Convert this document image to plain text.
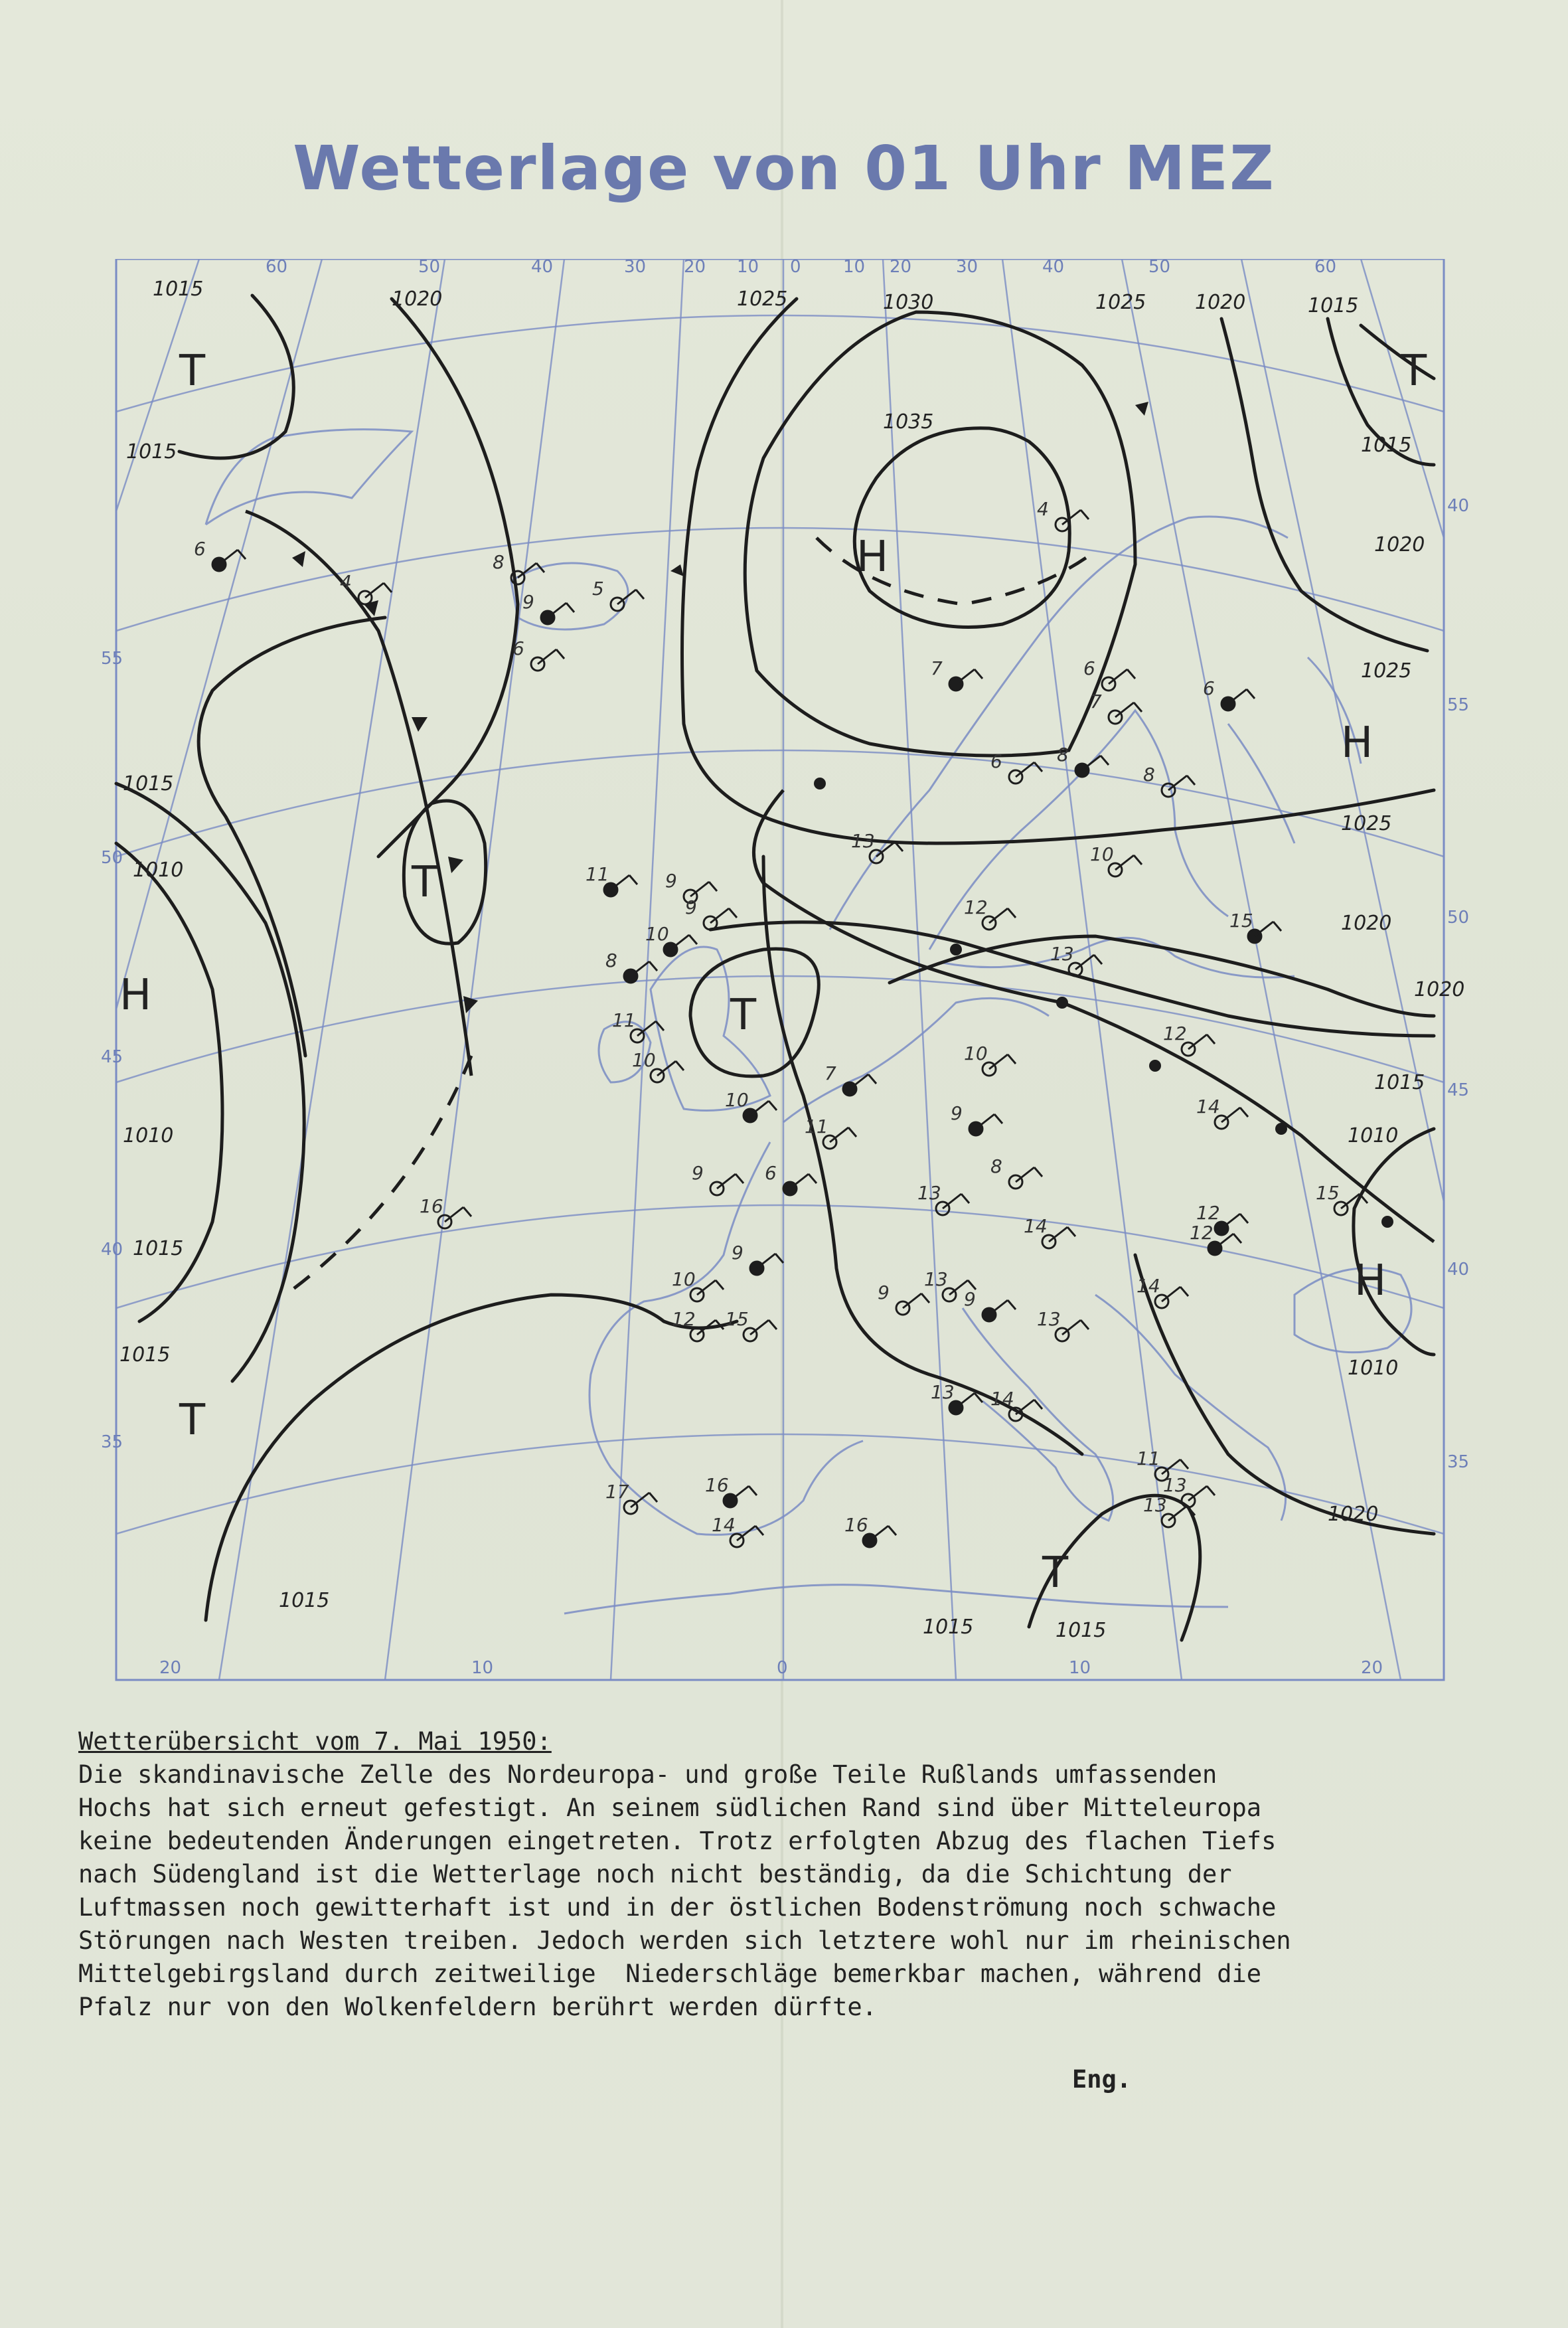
Wetterlage von 01 Uhr MEZ
6
4
8
9
6
5
7
4
6
8
6
7
6
8
10
11	9
9
10
13
12
15
13
12
8
11
10
7
14
10
10
11
15
9
8
9	6
16
12
9
13
14
12
10
9	9
13
13
13 14
14
12
11
13
16
17
15
16
14
13
1015	1020	1025	1030	1025 1020	1015
1015
1035
1015
1020
1025
1025
1015
1010
1010
1015
1020
1020
1010
1015
1015
1020
1015
1010
1015
1015
T	T
H
H
T
T
H
H
T
T
60	50	40	30 20 10 0 10 20	30	40	50	60
20	10	0	10	20
55
50
45
40
35
40
55
50
45
40
35
Wetterübersicht vom 7. Mai 1950:
Die skandinavische Zelle des Nordeuropa- und große Teile Rußlands umfassenden
Hochs hat sich erneut gefestigt. An seinem südlichen Rand sind über Mitteleuropa
keine bedeutenden Änderungen eingetreten. Trotz erfolgten Abzug des flachen Tiefs
nach Südengland ist die Wetterlage noch nicht beständig, da die Schichtung der
Luftmassen noch gewitterhaft ist und in der östlichen Bodenströmung noch schwache
Störungen nach Westen treiben. Jedoch werden sich letztere wohl nur im rheinischen
Mittelgebirgsland durch zeitweilige  Niederschläge bemerkbar machen, während die
Pfalz nur von den Wolkenfeldern berührt werden dürfte.
Eng.
